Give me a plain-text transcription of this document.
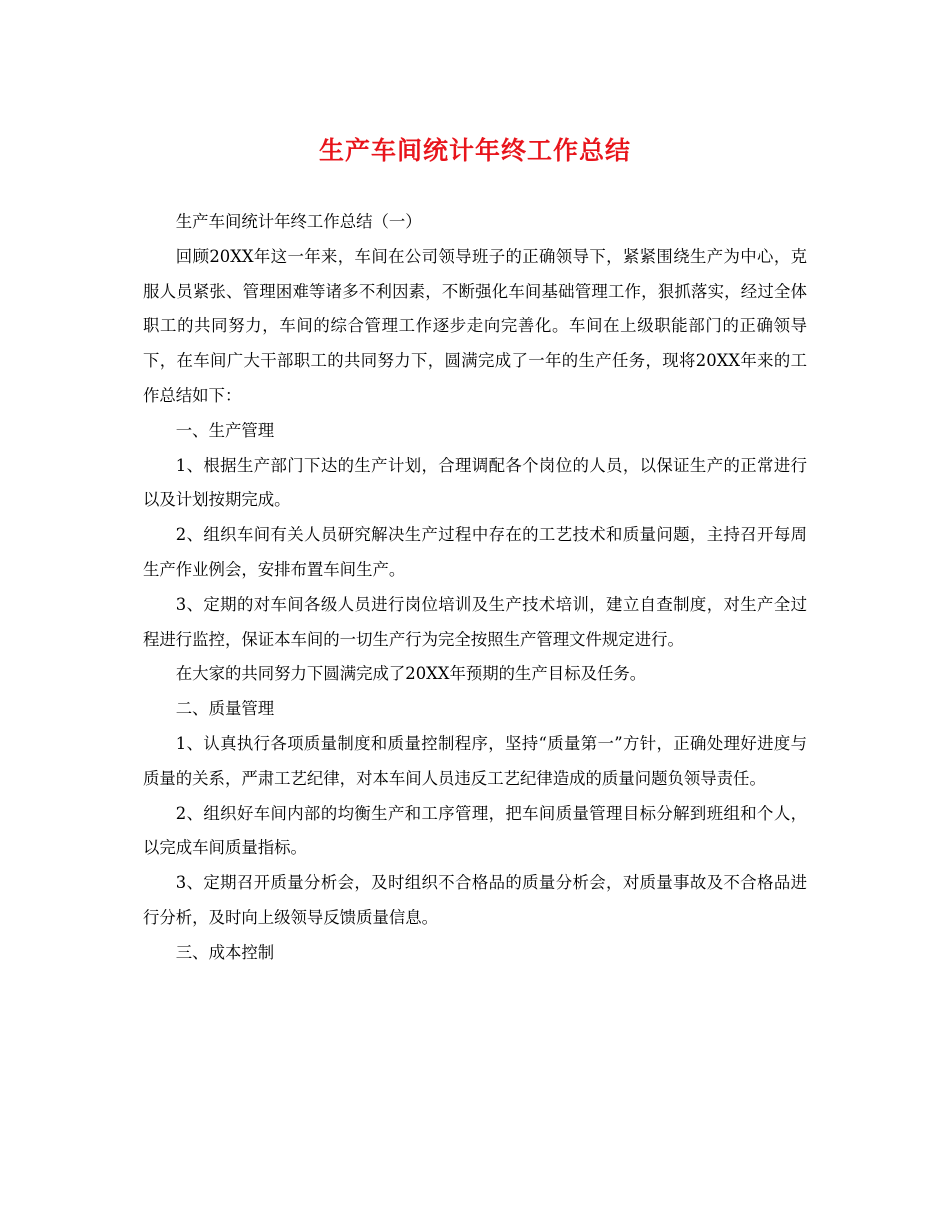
生产车间统计年终工作总结

生产车间统计年终工作总结（一）

回顾20XX年这一年来，车间在公司领导班子的正确领导下，紧紧围绕生产为中心，克服人员紧张、管理困难等诸多不利因素，不断强化车间基础管理工作，狠抓落实，经过全体职工的共同努力，车间的综合管理工作逐步走向完善化。车间在上级职能部门的正确领导下，在车间广大干部职工的共同努力下，圆满完成了一年的生产任务，现将20XX年来的工作总结如下：

一、生产管理

1、根据生产部门下达的生产计划，合理调配各个岗位的人员，以保证生产的正常进行以及计划按期完成。

2、组织车间有关人员研究解决生产过程中存在的工艺技术和质量问题，主持召开每周生产作业例会，安排布置车间生产。

3、定期的对车间各级人员进行岗位培训及生产技术培训，建立自查制度，对生产全过程进行监控，保证本车间的一切生产行为完全按照生产管理文件规定进行。

在大家的共同努力下圆满完成了20XX年预期的生产目标及任务。

二、质量管理

1、认真执行各项质量制度和质量控制程序，坚持“质量第一”方针，正确处理好进度与质量的关系，严肃工艺纪律，对本车间人员违反工艺纪律造成的质量问题负领导责任。

2、组织好车间内部的均衡生产和工序管理，把车间质量管理目标分解到班组和个人，以完成车间质量指标。

3、定期召开质量分析会，及时组织不合格品的质量分析会，对质量事故及不合格品进行分析，及时向上级领导反馈质量信息。

三、成本控制
